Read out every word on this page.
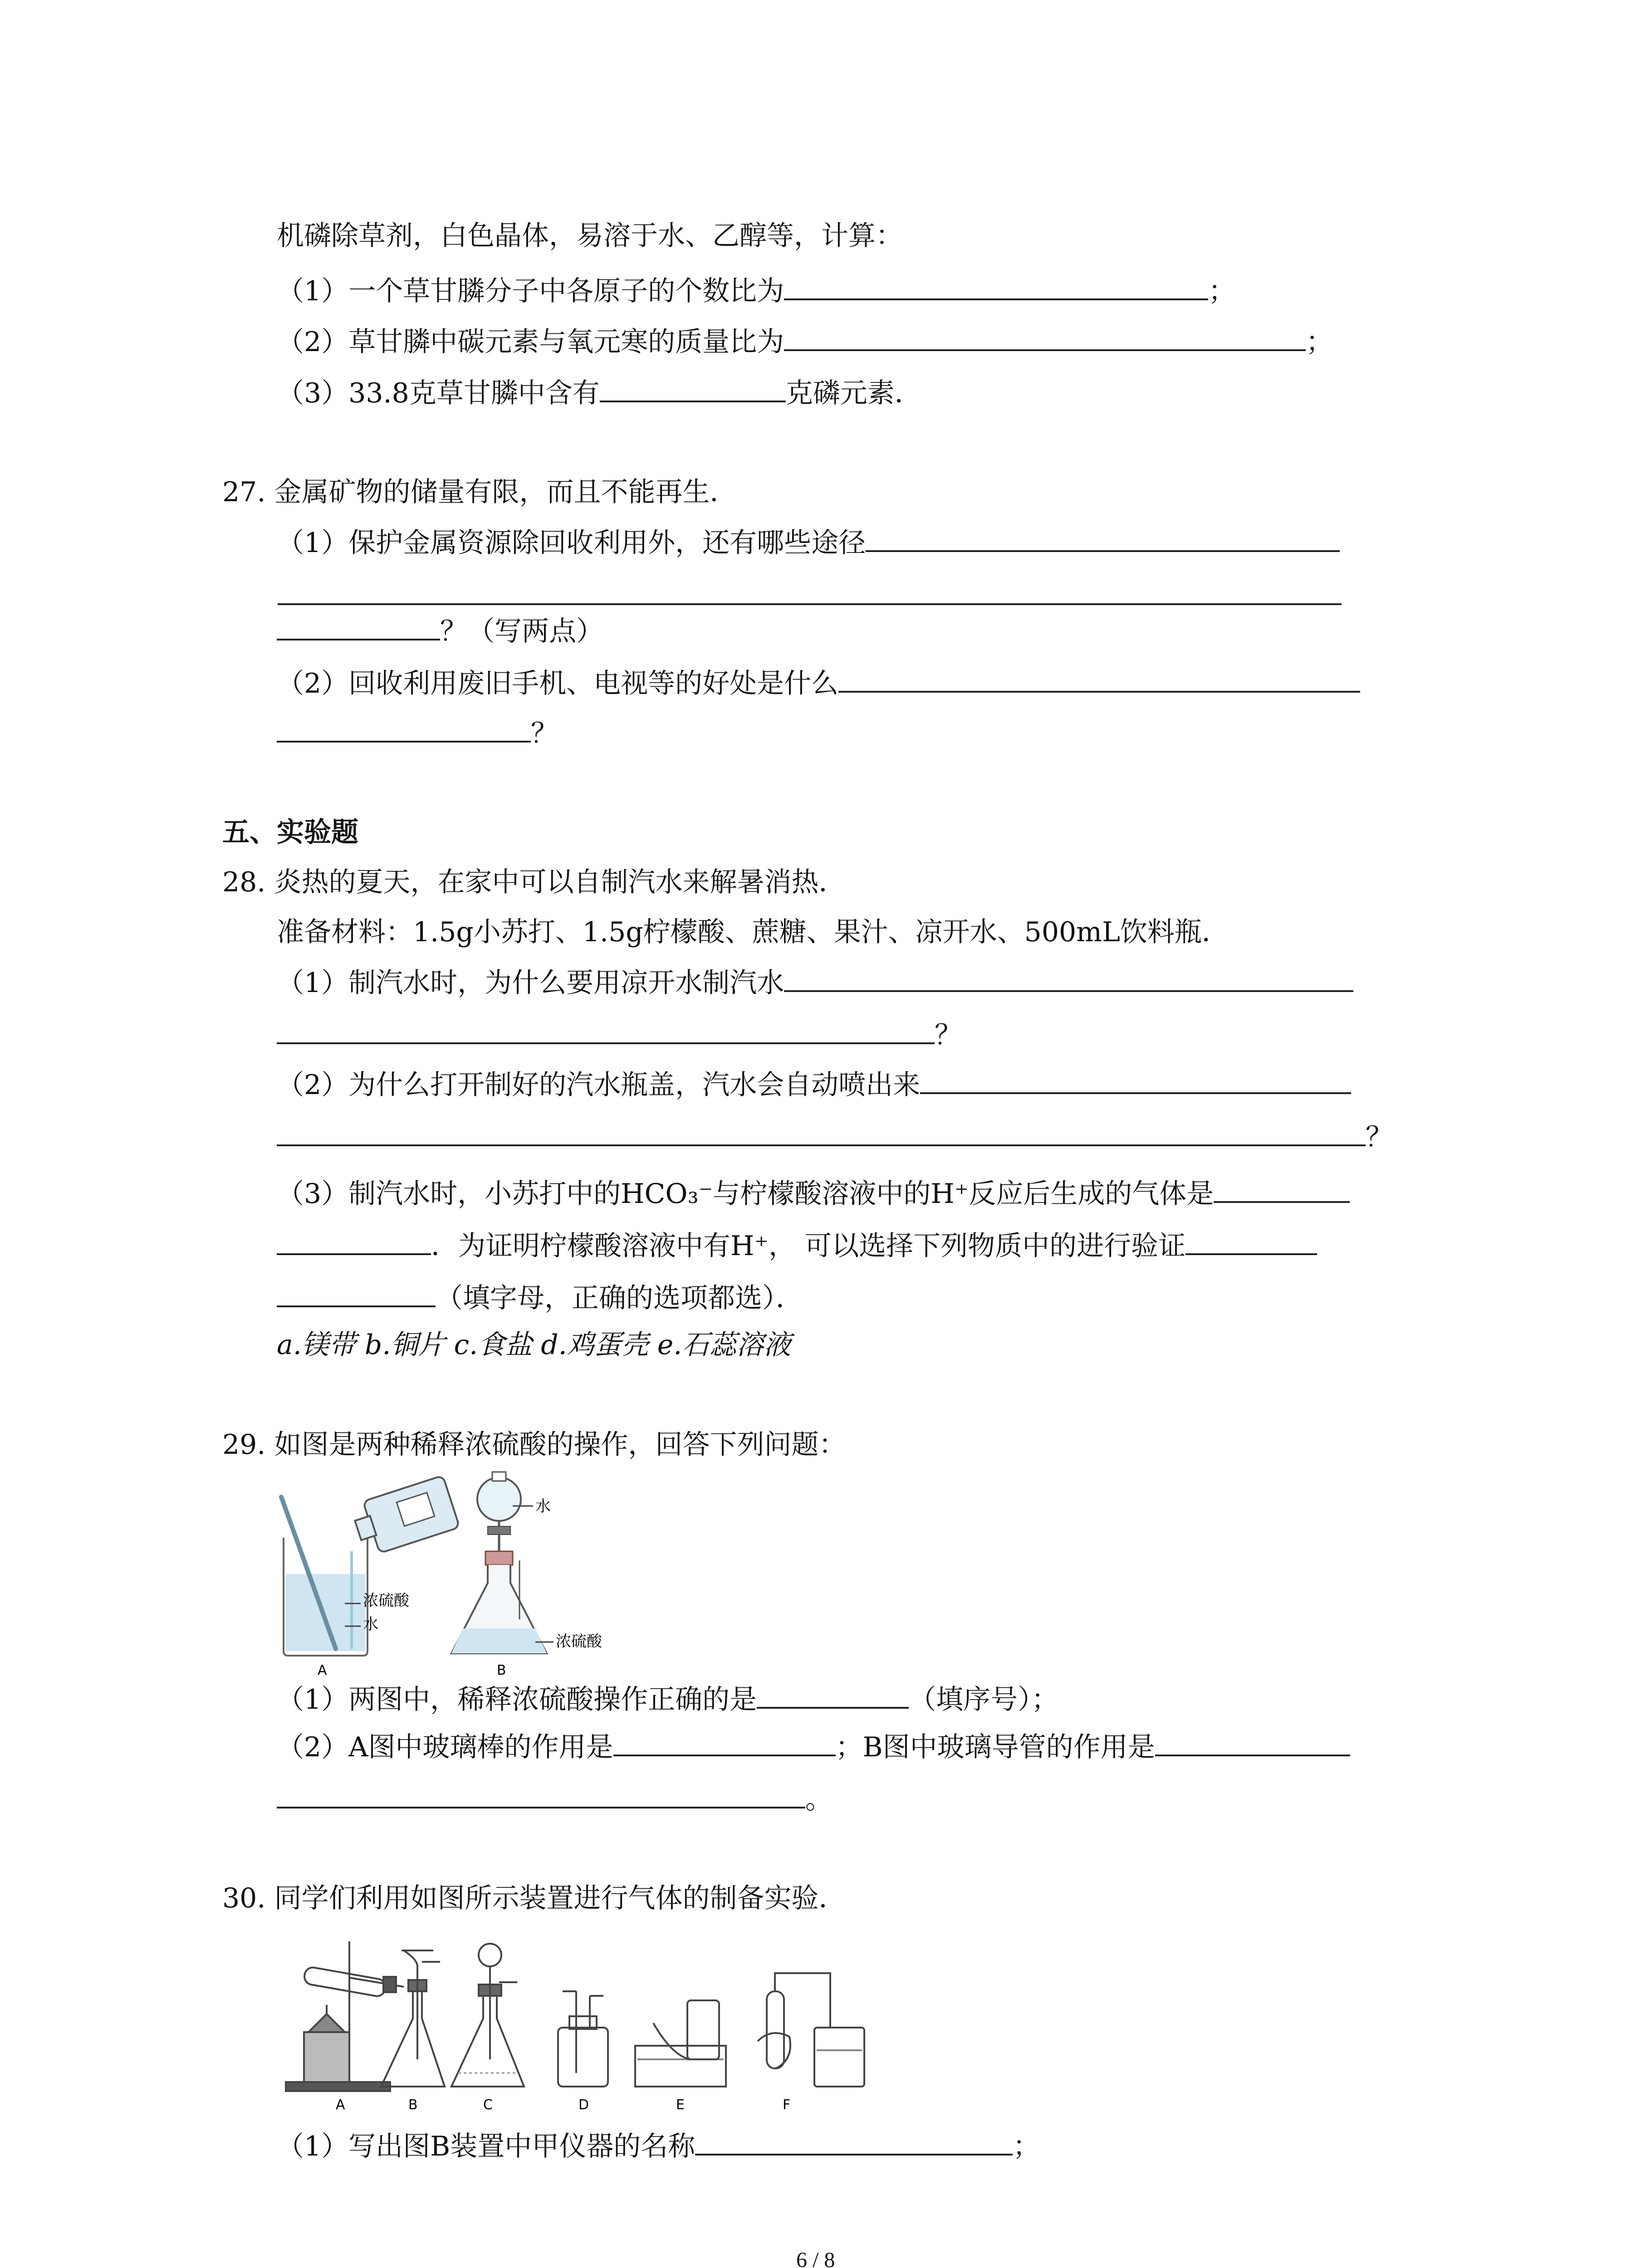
机磷除草剂，白色晶体，易溶于水、乙醇等，计算：
（1）一个草甘膦分子中各原子的个数比为	；
（2）草甘膦中碳元素与氧元寒的质量比为	；
（3）33.8克草甘膦中含有	克磷元素．
27. 金属矿物的储量有限，而且不能再生．
（1）保护金属资源除回收利用外，还有哪些途径
？（写两点）
（2）回收利用废旧手机、电视等的好处是什么
？
五、实验题
28. 炎热的夏天，在家中可以自制汽水来解暑消热．
准备材料：1.5g小苏打、1.5g柠檬酸、蔗糖、果汁、凉开水、500mL饮料瓶．
（1）制汽水时，为什么要用凉开水制汽水
？
（2）为什么打开制好的汽水瓶盖，汽水会自动喷出来
？
（3）制汽水时，小苏打中的HCO₃⁻与柠檬酸溶液中的H⁺反应后生成的气体是
．为证明柠檬酸溶液中有H⁺， 可以选择下列物质中的进行验证
（填字母，正确的选项都选）．
a.镁带 b.铜片 c.食盐 d.鸡蛋壳 e.石蕊溶液
29. 如图是两种稀释浓硫酸的操作，回答下列问题：
水
浓硫酸
水
浓硫酸
A	B
（1）两图中，稀释浓硫酸操作正确的是	（填序号）；
（2）A图中玻璃棒的作用是	；B图中玻璃导管的作用是
。
30. 同学们利用如图所示装置进行气体的制备实验．
A	B	C	D	E	F
（1）写出图B装置中甲仪器的名称	；
6 / 8
